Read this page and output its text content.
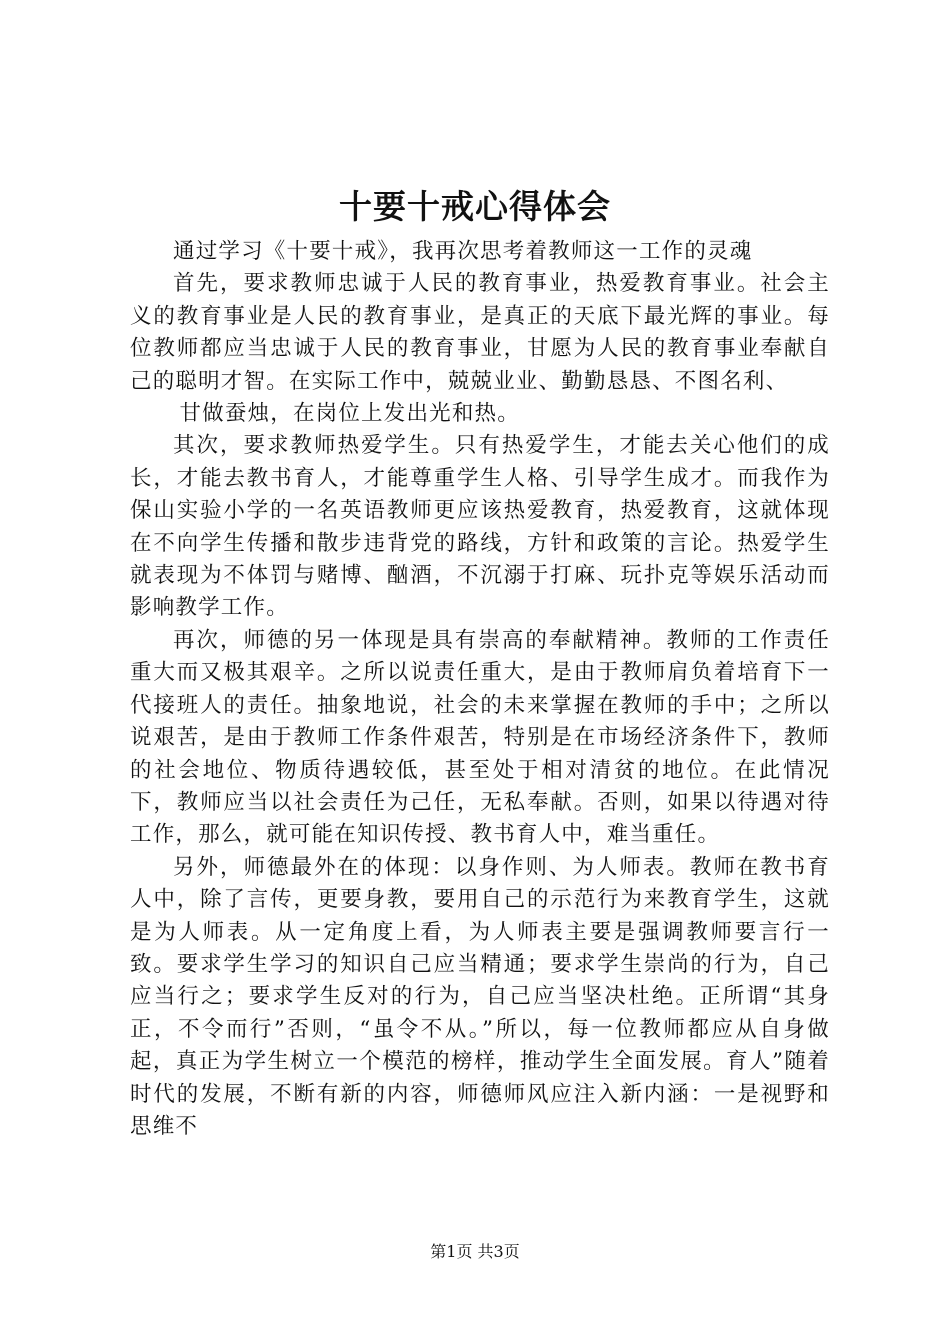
十要十戒心得体会

通过学习《十要十戒》，我再次思考着教师这一工作的灵魂

首先，要求教师忠诚于人民的教育事业，热爱教育事业。社会主义的教育事业是人民的教育事业，是真正的天底下最光辉的事业。每位教师都应当忠诚于人民的教育事业，甘愿为人民的教育事业奉献自己的聪明才智。在实际工作中，兢兢业业、勤勤恳恳、不图名利、

甘做蚕烛，在岗位上发出光和热。

其次，要求教师热爱学生。只有热爱学生，才能去关心他们的成长，才能去教书育人，才能尊重学生人格、引导学生成才。而我作为保山实验小学的一名英语教师更应该热爱教育，热爱教育，这就体现在不向学生传播和散步违背党的路线，方针和政策的言论。热爱学生就表现为不体罚与赌博、酗酒，不沉溺于打麻、玩扑克等娱乐活动而影响教学工作。

再次，师德的另一体现是具有崇高的奉献精神。教师的工作责任重大而又极其艰辛。之所以说责任重大，是由于教师肩负着培育下一代接班人的责任。抽象地说，社会的未来掌握在教师的手中；之所以说艰苦，是由于教师工作条件艰苦，特别是在市场经济条件下，教师的社会地位、物质待遇较低，甚至处于相对清贫的地位。在此情况下，教师应当以社会责任为己任，无私奉献。否则，如果以待遇对待工作，那么，就可能在知识传授、教书育人中，难当重任。

另外，师德最外在的体现：以身作则、为人师表。教师在教书育人中，除了言传，更要身教，要用自己的示范行为来教育学生，这就是为人师表。从一定角度上看，为人师表主要是强调教师要言行一致。要求学生学习的知识自己应当精通；要求学生崇尚的行为，自己应当行之；要求学生反对的行为，自己应当坚决杜绝。正所谓“其身正，不令而行”否则，“虽令不从。”所以，每一位教师都应从自身做起，真正为学生树立一个模范的榜样，推动学生全面发展。育人”随着时代的发展，不断有新的内容，师德师风应注入新内涵：一是视野和思维不

第1页 共3页
